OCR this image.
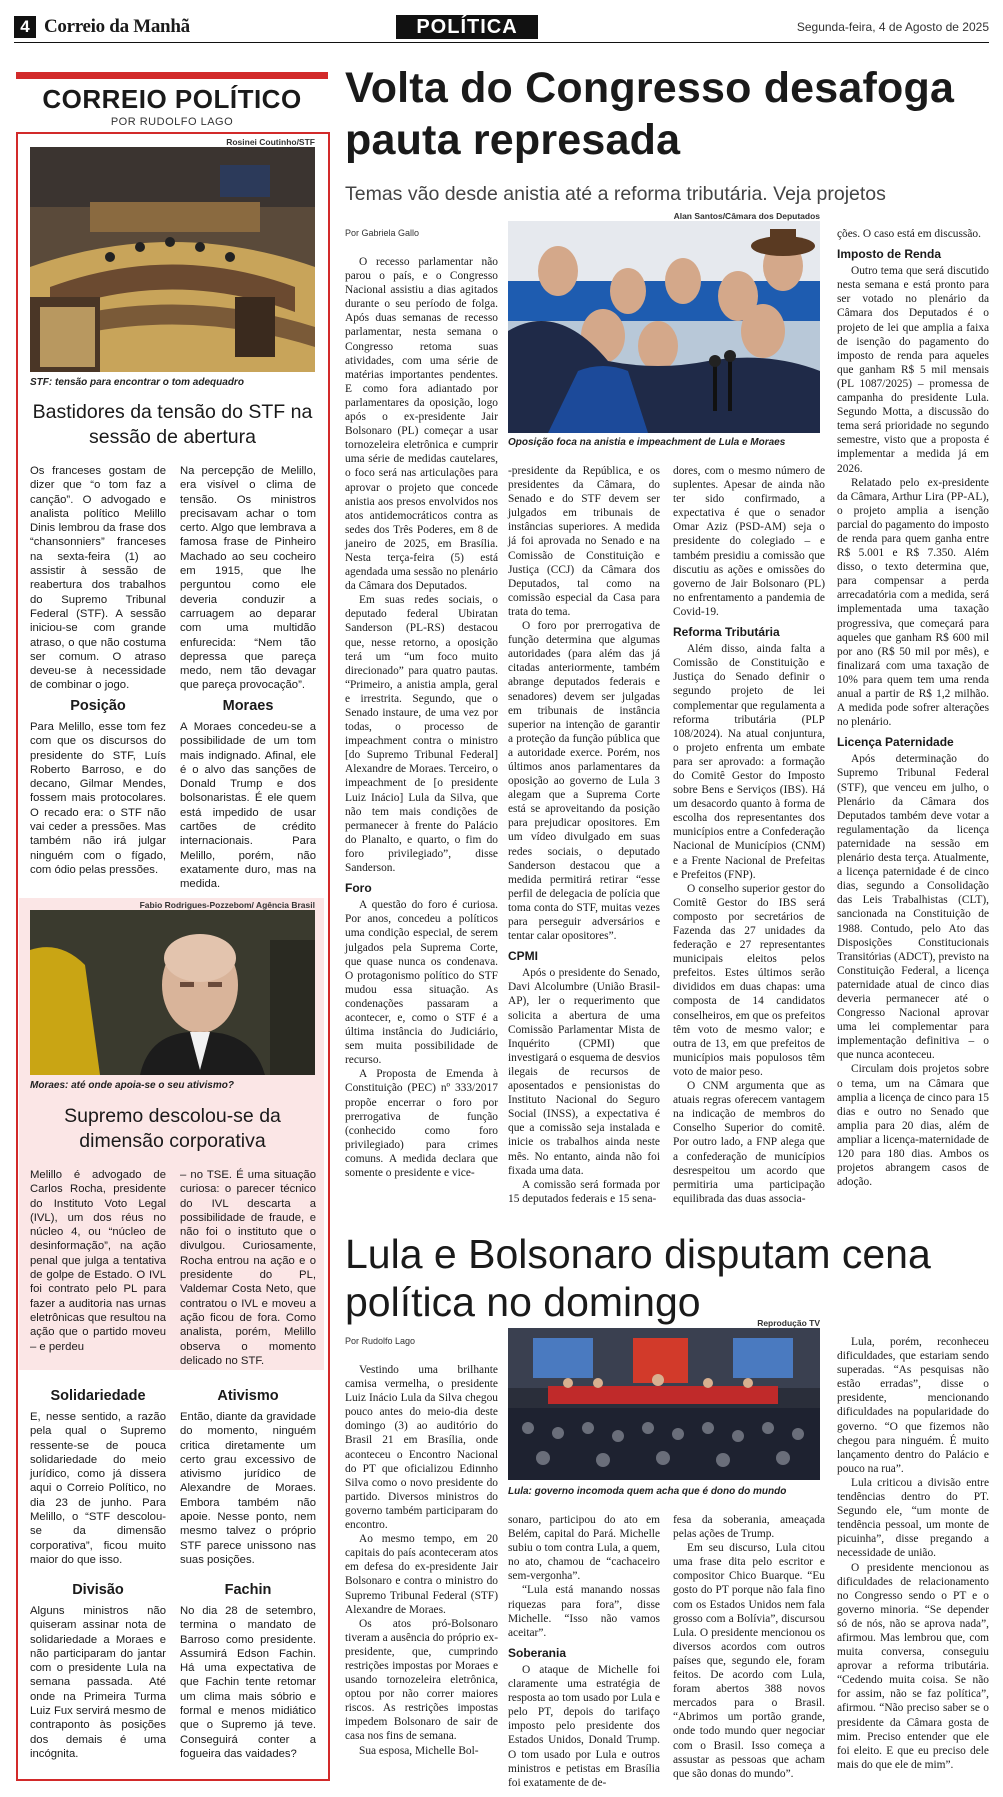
4 Correio da Manhã	POLÍTICA	Segunda-feira, 4 de Agosto de 2025
CORREIO POLÍTICO
POR RUDOLFO LAGO
Rosinei Coutinho/STF
STF: tensão para encontrar o tom adequadro
Bastidores da tensão do STF na sessão de abertura
Os franceses gostam de dizer que “o tom faz a canção”. O advogado e analista político Melillo Dinis lembrou da frase dos “chansonniers” franceses na sexta-feira (1) ao assistir à sessão de reabertura dos trabalhos do Supremo Tribunal Federal (STF). A sessão iniciou-se com grande atraso, o que não costuma ser comum. O atraso deveu-se à necessidade de combinar o jogo.
Na percepção de Melillo, era visível o clima de tensão. Os ministros precisavam achar o tom certo. Algo que lembrava a famosa frase de Pinheiro Machado ao seu cocheiro em 1915, que lhe perguntou como ele deveria conduzir a carruagem ao deparar com uma multidão enfurecida: “Nem tão depressa que pareça medo, nem tão devagar que pareça provocação”.
Posição	Moraes
Para Melillo, esse tom fez com que os discursos do presidente do STF, Luís Roberto Barroso, e do decano, Gilmar Mendes, fossem mais protocolares. O recado era: o STF não vai ceder a pressões. Mas também não irá julgar ninguém com o fígado, com ódio pelas pressões.
A Moraes concedeu-se a possibilidade de um tom mais indignado. Afinal, ele é o alvo das sanções de Donald Trump e dos bolsonaristas. É ele quem está impedido de usar cartões de crédito internacionais. Para Melillo, porém, não exatamente duro, mas na medida.
Fabio Rodrigues-Pozzebom/ Agência Brasil
Moraes: até onde apoia-se o seu ativismo?
Supremo descolou-se da dimensão corporativa
Melillo é advogado de Carlos Rocha, presidente do Instituto Voto Legal (IVL), um dos réus no núcleo 4, ou “núcleo de desinformação”, na ação penal que julga a tentativa de golpe de Estado. O IVL foi contrato pelo PL para fazer a auditoria nas urnas eletrônicas que resultou na ação que o partido moveu – e perdeu
– no TSE. É uma situação curiosa: o parecer técnico do IVL descarta a possibilidade de fraude, e não foi o instituto que o divulgou. Curiosamente, Rocha entrou na ação e o presidente do PL, Valdemar Costa Neto, que contratou o IVL e moveu a ação ficou de fora. Como analista, porém, Melillo observa o momento delicado no STF.
Solidariedade	Ativismo
E, nesse sentido, a razão pela qual o Supremo ressente-se de pouca solidariedade do meio jurídico, como já dissera aqui o Correio Político, no dia 23 de junho. Para Melillo, o “STF descolou-se da dimensão corporativa”, ficou muito maior do que isso.
Então, diante da gravidade do momento, ninguém critica diretamente um certo grau excessivo de ativismo jurídico de Alexandre de Moraes. Embora também não apoie. Nesse ponto, nem mesmo talvez o próprio STF parece unissono nas suas posições.
Divisão	Fachin
Alguns ministros não quiseram assinar nota de solidariedade a Moraes e não participaram do jantar com o presidente Lula na semana passada. Até onde na Primeira Turma Luiz Fux servirá mesmo de contraponto às posições dos demais é uma incógnita.
No dia 28 de setembro, termina o mandato de Barroso como presidente. Assumirá Edson Fachin. Há uma expectativa de que Fachin tente retomar um clima mais sóbrio e formal e menos midiático que o Supremo já teve. Conseguirá conter a fogueira das vaidades?
Volta do Congresso desafoga pauta represada
Temas vão desde anistia até a reforma tributária. Veja projetos
Por Gabriela Gallo
Alan Santos/Câmara dos Deputados
Oposição foca na anistia e impeachment de Lula e Moraes

O recesso parlamentar não parou o país, e o Congresso Nacional assistiu a dias agitados durante o seu período de folga. Após duas semanas de recesso parlamentar, nesta semana o Congresso retoma suas atividades, com uma série de matérias importantes pendentes. E como fora adiantado por parlamentares da oposição, logo após o ex-presidente Jair Bolsonaro (PL) começar a usar tornozeleira eletrônica e cumprir uma série de medidas cautelares, o foco será nas articulações para aprovar o projeto que concede anistia aos presos envolvidos nos atos antidemocráticos contra as sedes dos Três Poderes, em 8 de janeiro de 2025, em Brasília. Nesta terça-feira (5) está agendada uma sessão no plenário da Câmara dos Deputados.

Em suas redes sociais, o deputado federal Ubiratan Sanderson (PL-RS) destacou que, nesse retorno, a oposição terá um “um foco muito direcionado” para quatro pautas. “Primeiro, a anistia ampla, geral e irrestrita. Segundo, que o Senado instaure, de uma vez por todas, o processo de impeachment contra o ministro [do Supremo Tribunal Federal] Alexandre de Moraes. Terceiro, o impeachment de [o presidente Luiz Inácio] Lula da Silva, que não tem mais condições de permanecer à frente do Palácio do Planalto, e quarto, o fim do foro privilegiado”, disse Sanderson.

Foro

A questão do foro é curiosa. Por anos, concedeu a políticos uma condição especial, de serem julgados pela Suprema Corte, que quase nunca os condenava. O protagonismo político do STF mudou essa situação. As condenações passaram a acontecer, e, como o STF é a última instância do Judiciário, sem muita possibilidade de recurso.

A Proposta de Emenda à Constituição (PEC) nº 333/2017 propõe encerrar o foro por prerrogativa de função (conhecido como foro privilegiado) para crimes comuns. A medida declara que somente o presidente e vice-

-presidente da República, e os presidentes da Câmara, do Senado e do STF devem ser julgados em tribunais de instâncias superiores. A medida já foi aprovada no Senado e na Comissão de Constituição e Justiça (CCJ) da Câmara dos Deputados, tal como na comissão especial da Casa para trata do tema.

O foro por prerrogativa de função determina que algumas autoridades (para além das já citadas anteriormente, também abrange deputados federais e senadores) devem ser julgadas em tribunais de instância superior na intenção de garantir a proteção da função pública que a autoridade exerce. Porém, nos últimos anos parlamentares da oposição ao governo de Lula 3 alegam que a Suprema Corte está se aproveitando da posição para prejudicar opositores. Em um vídeo divulgado em suas redes sociais, o deputado Sanderson destacou que a medida permitirá retirar “esse perfil de delegacia de polícia que toma conta do STF, muitas vezes para perseguir adversários e tentar calar opositores”.

CPMI

Após o presidente do Senado, Davi Alcolumbre (União Brasil-AP), ler o requerimento que solicita a abertura de uma Comissão Parlamentar Mista de Inquérito (CPMI) que investigará o esquema de desvios ilegais de recursos de aposentados e pensionistas do Instituto Nacional do Seguro Social (INSS), a expectativa é que a comissão seja instalada e inicie os trabalhos ainda neste mês. No entanto, ainda não foi fixada uma data.

A comissão será formada por 15 deputados federais e 15 sena-

dores, com o mesmo número de suplentes. Apesar de ainda não ter sido confirmado, a expectativa é que o senador Omar Aziz (PSD-AM) seja o presidente do colegiado – e também presidiu a comissão que discutiu as ações e omissões do governo de Jair Bolsonaro (PL) no enfrentamento a pandemia de Covid-19.

Reforma Tributária

Além disso, ainda falta a Comissão de Constituição e Justiça do Senado definir o segundo projeto de lei complementar que regulamenta a reforma tributária (PLP 108/2024). Na atual conjuntura, o projeto enfrenta um embate para ser aprovado: a formação do Comitê Gestor do Imposto sobre Bens e Serviços (IBS). Há um desacordo quanto à forma de escolha dos representantes dos municípios entre a Confederação Nacional de Municípios (CNM) e a Frente Nacional de Prefeitas e Prefeitos (FNP).

O conselho superior gestor do Comitê Gestor do IBS será composto por secretários de Fazenda das 27 unidades da federação e 27 representantes municipais eleitos pelos prefeitos. Estes últimos serão divididos em duas chapas: uma composta de 14 candidatos conselheiros, em que os prefeitos têm voto de mesmo valor; e outra de 13, em que prefeitos de municípios mais populosos têm voto de maior peso.

O CNM argumenta que as atuais regras oferecem vantagem na indicação de membros do Conselho Superior do comitê. Por outro lado, a FNP alega que a confederação de municípios desrespeitou um acordo que permitiria uma participação equilibrada das duas associa-

ções. O caso está em discussão.

Imposto de Renda

Outro tema que será discutido nesta semana e está pronto para ser votado no plenário da Câmara dos Deputados é o projeto de lei que amplia a faixa de isenção do pagamento do imposto de renda para aqueles que ganham R$ 5 mil mensais (PL 1087/2025) – promessa de campanha do presidente Lula. Segundo Motta, a discussão do tema será prioridade no segundo semestre, visto que a proposta é implementar a medida já em 2026.

Relatado pelo ex-presidente da Câmara, Arthur Lira (PP-AL), o projeto amplia a isenção parcial do pagamento do imposto de renda para quem ganha entre R$ 5.001 e R$ 7.350. Além disso, o texto determina que, para compensar a perda arrecadatória com a medida, será implementada uma taxação progressiva, que começará para aqueles que ganham R$ 600 mil por ano (R$ 50 mil por mês), e finalizará com uma taxação de 10% para quem tem uma renda anual a partir de R$ 1,2 milhão. A medida pode sofrer alterações no plenário.

Licença Paternidade

Após determinação do Supremo Tribunal Federal (STF), que venceu em julho, o Plenário da Câmara dos Deputados também deve votar a regulamentação da licença paternidade na sessão em plenário desta terça. Atualmente, a licença paternidade é de cinco dias, segundo a Consolidação das Leis Trabalhistas (CLT), sancionada na Constituição de 1988. Contudo, pelo Ato das Disposições Constitucionais Transitórias (ADCT), previsto na Constituição Federal, a licença paternidade atual de cinco dias deveria permanecer até o Congresso Nacional aprovar uma lei complementar para implementação definitiva – o que nunca aconteceu.

Circulam dois projetos sobre o tema, um na Câmara que amplia a licença de cinco para 15 dias e outro no Senado que amplia para 20 dias, além de ampliar a licença-maternidade de 120 para 180 dias. Ambos os projetos abrangem casos de adoção.

Lula e Bolsonaro disputam cena política no domingo
Por Rudolfo Lago
Reprodução TV
Lula: governo incomoda quem acha que é dono do mundo

Vestindo uma brilhante camisa vermelha, o presidente Luiz Inácio Lula da Silva chegou pouco antes do meio-dia deste domingo (3) ao auditório do Brasil 21 em Brasília, onde aconteceu o Encontro Nacional do PT que oficializou Edinnho Silva como o novo presidente do partido. Diversos ministros do governo também participaram do encontro.

Ao mesmo tempo, em 20 capitais do país aconteceram atos em defesa do ex-presidente Jair Bolsonaro e contra o ministro do Supremo Tribunal Federal (STF) Alexandre de Moraes.

Os atos pró-Bolsonaro tiveram a ausência do próprio ex-presidente, que, cumprindo restrições impostas por Moraes e usando tornozeleira eletrônica, optou por não correr maiores riscos. As restrições impostas impedem Bolsonaro de sair de casa nos fins de semana.

Sua esposa, Michelle Bol-

sonaro, participou do ato em Belém, capital do Pará. Michelle subiu o tom contra Lula, a quem, no ato, chamou de “cachaceiro sem-vergonha”.

“Lula está manando nossas riquezas para fora”, disse Michelle. “Isso não vamos aceitar”.

Soberania

O ataque de Michelle foi claramente uma estratégia de resposta ao tom usado por Lula e pelo PT, depois do tarifaço imposto pelo presidente dos Estados Unidos, Donald Trump. O tom usado por Lula e outros ministros e petistas em Brasília foi exatamente de de-

fesa da soberania, ameaçada pelas ações de Trump.

Em seu discurso, Lula citou uma frase dita pelo escritor e compositor Chico Buarque. “Eu gosto do PT porque não fala fino com os Estados Unidos nem fala grosso com a Bolívia”, discursou Lula. O presidente mencionou os diversos acordos com outros países que, segundo ele, foram feitos. De acordo com Lula, foram abertos 388 novos mercados para o Brasil. “Abrimos um portão grande, onde todo mundo quer negociar com o Brasil. Isso começa a assustar as pessoas que acham que são donas do mundo”.

Lula, porém, reconheceu dificuldades, que estariam sendo superadas. “As pesquisas não estão erradas”, disse o presidente, mencionando dificuldades na popularidade do governo. “O que fizemos não chegou para ninguém. É muito lançamento dentro do Palácio e pouco na rua”.

Lula criticou a divisão entre tendências dentro do PT. Segundo ele, “um monte de tendência pessoal, um monte de picuinha”, disse pregando a necessidade de união.

O presidente mencionou as dificuldades de relacionamento no Congresso sendo o PT e o governo minoria. “Se depender só de nós, não se aprova nada”, afirmou. Mas lembrou que, com muita conversa, conseguiu aprovar a reforma tributária. “Cedendo muita coisa. Se não for assim, não se faz política”, afirmou. “Não preciso saber se o presidente da Câmara gosta de mim. Preciso entender que ele foi eleito. E que eu preciso dele mais do que ele de mim”.
